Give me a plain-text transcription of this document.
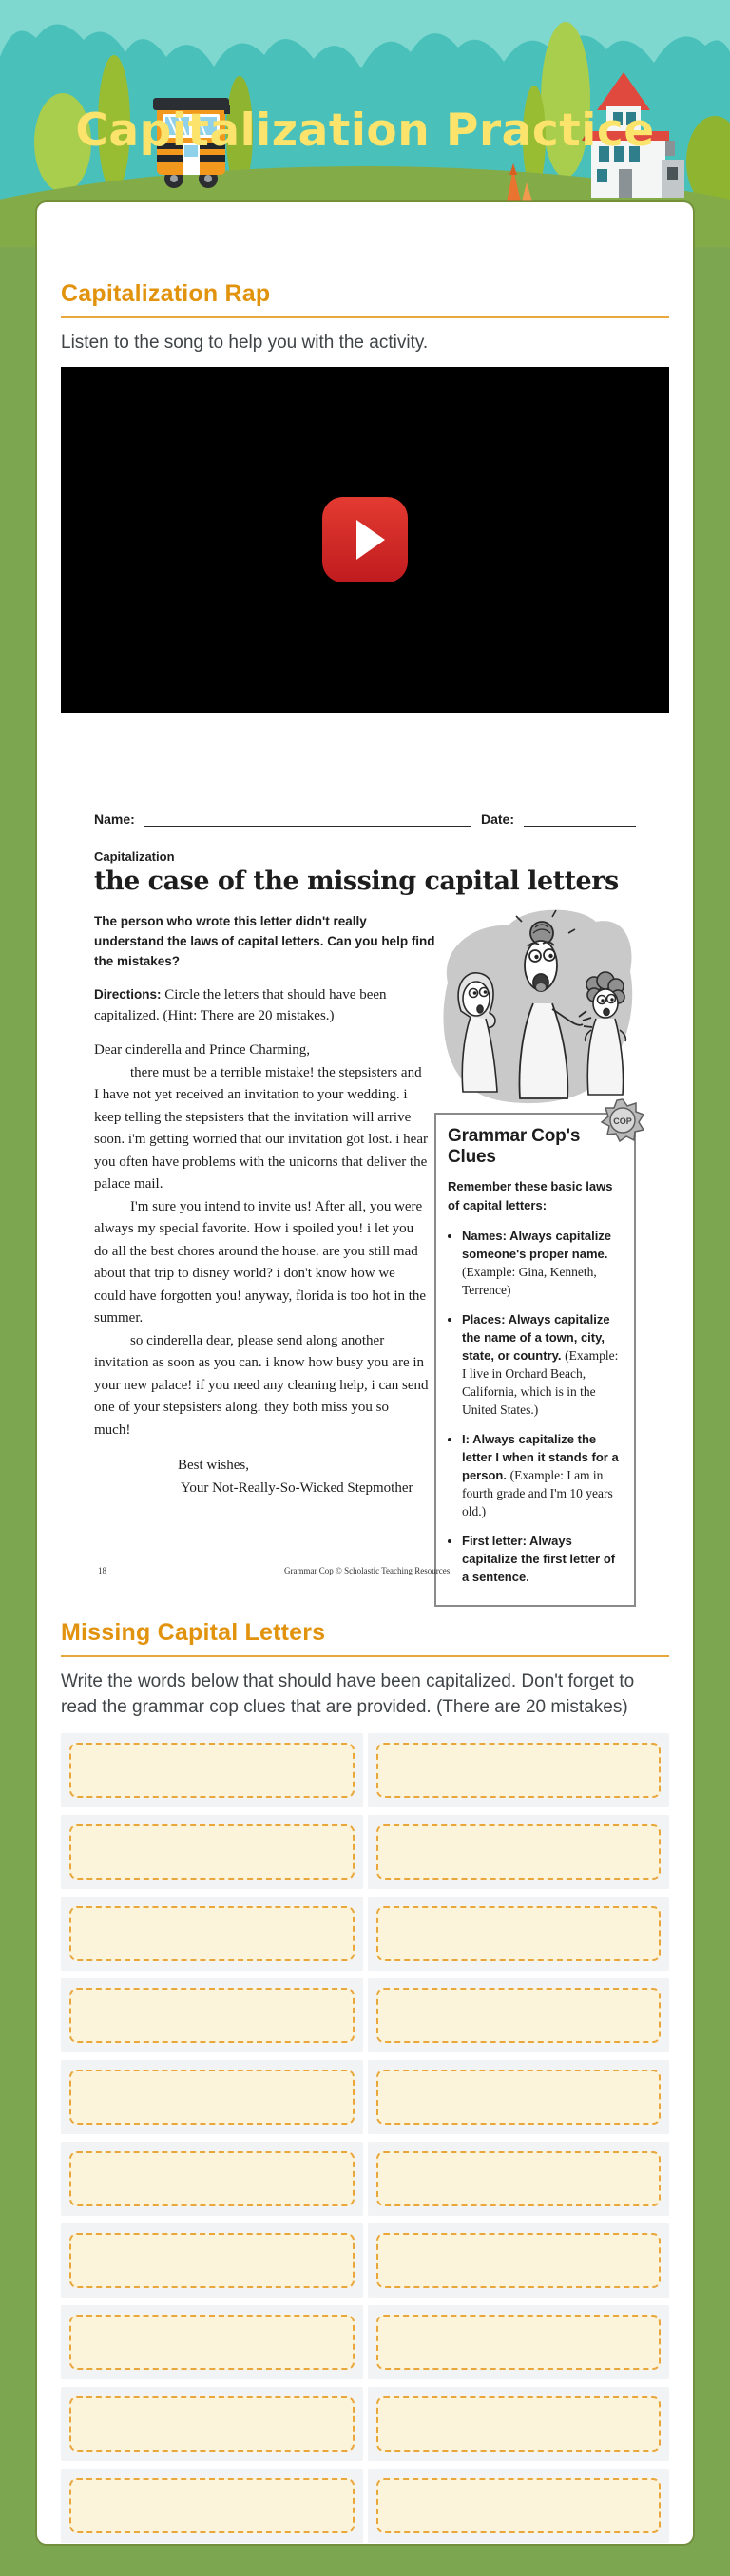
Capitalization Practice
Capitalization Rap
Listen to the song to help you with the activity.
Name:	Date:
Capitalization
the case of the missing capital letters
The person who wrote this letter didn't really understand the laws of capital letters. Can you help find the mistakes?
Directions: Circle the letters that should have been capitalized. (Hint: There are 20 mistakes.)

Dear cinderella and Prince Charming,

there must be a terrible mistake! the stepsisters and I have not yet received an invitation to your wedding. i keep telling the stepsisters that the invitation will arrive soon. i'm getting worried that our invitation got lost. i hear you often have problems with the unicorns that deliver the palace mail.

I'm sure you intend to invite us! After all, you were always my special favorite. How i spoiled you! i let you do all the best chores around the house. are you still mad about that trip to disney world? i don't know how we could have forgotten you! anyway, florida is too hot in the summer.

so cinderella dear, please send along another invitation as soon as you can. i know how busy you are in your new palace! if you need any cleaning help, i can send one of your stepsisters along. they both miss you so much!

Best wishes,
Your Not-Really-So-Wicked Stepmother
COP
Grammar Cop's Clues
Remember these basic laws of capital letters:
• Names: Always capitalize someone's proper name. (Example: Gina, Kenneth, Terrence)
• Places: Always capitalize the name of a town, city, state, or country. (Example: I live in Orchard Beach, California, which is in the United States.)
• I: Always capitalize the letter I when it stands for a person. (Example: I am in fourth grade and I'm 10 years old.)
• First letter: Always capitalize the first letter of a sentence.
18	Grammar Cop © Scholastic Teaching Resources
Missing Capital Letters
Write the words below that should have been capitalized. Don't forget to read the grammar cop clues that are provided. (There are 20 mistakes)
